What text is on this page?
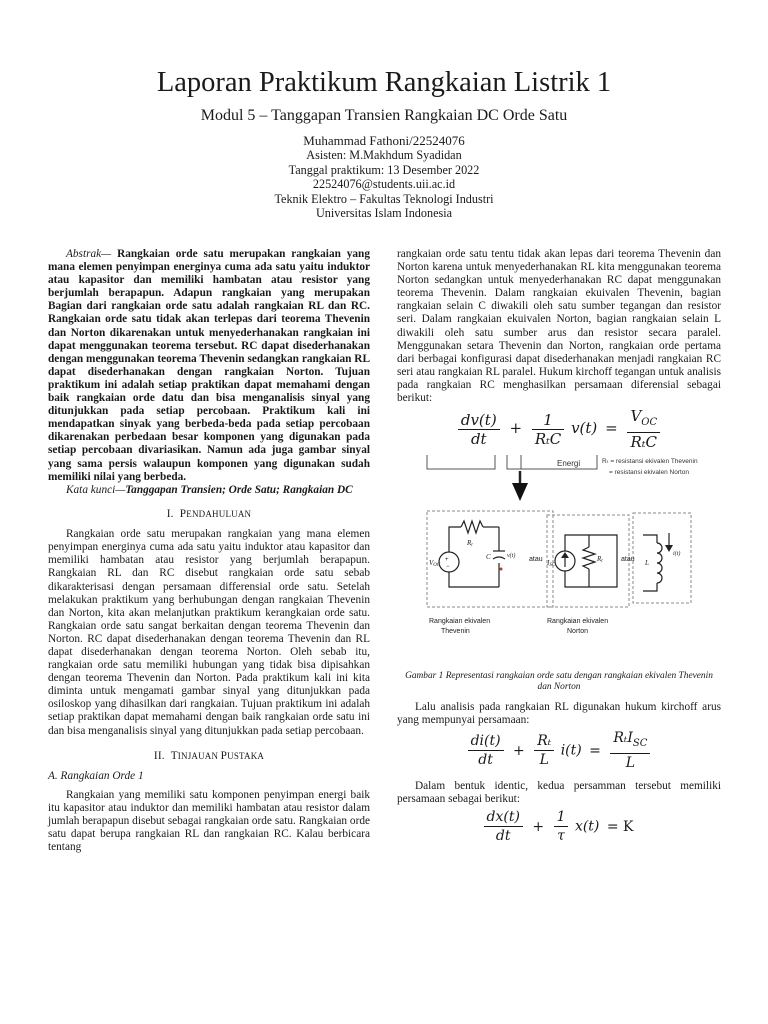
Laporan Praktikum Rangkaian Listrik 1
Modul 5 – Tanggapan Transien Rangkaian DC Orde Satu
Muhammad Fathoni/22524076
Asisten: M.Makhdum Syadidan
Tanggal praktikum: 13 Desember 2022
22524076@students.uii.ac.id
Teknik Elektro – Fakultas Teknologi Industri
Universitas Islam Indonesia

Abstrak— Rangkaian orde satu merupakan rangkaian yang mana elemen penyimpan energinya cuma ada satu yaitu induktor atau kapasitor dan memiliki hambatan atau resistor yang berjumlah berapapun. Adapun rangkaian yang merupakan Bagian dari rangkaian orde satu adalah rangkaian RL dan RC. Rangkaian orde satu tidak akan terlepas dari teorema Thevenin dan Norton dikarenakan untuk menyederhanakan rangkaian ini dapat menggunakan teorema tersebut. RC dapat disederhanakan dengan menggunakan teorema Thevenin sedangkan rangkaian RL dapat disederhanakan dengan rangkaian Norton. Tujuan praktikum ini adalah setiap praktikan dapat memahami dengan baik rangkaian orde datu dan bisa menganalisis sinyal yang ditunjukkan pada setiap percobaan. Praktikum kali ini mendapatkan sinyak yang berbeda-beda pada setiap percobaan dikarenakan perbedaan besar komponen yang digunakan pada setiap percobaan divariasikan. Namun ada juga gambar sinyal yang sama persis walaupun komponen yang digunakan sudah memiliki nilai yang berbeda.

Kata kunci—Tanggapan Transien; Orde Satu; Rangkaian DC

I. PENDAHULUAN

Rangkaian orde satu merupakan rangkaian yang mana elemen penyimpan energinya cuma ada satu yaitu induktor atau kapasitor dan memiliki hambatan atau resistor yang berjumlah berapapun. Rangkaian RL dan RC disebut rangkaian orde satu sebab dikarakterisasi dengan persamaan differensial orde satu. Setelah melakukan praktikum yang berhubungan dengan rangkaian Thevenin dan Norton, kita akan melanjutkan praktikum kerangkaian orde satu. Rangkaian orde satu sangat berkaitan dengan teorema Thevenin dan Norton. RC dapat disederhanakan dengan teorema Thevenin dan RL dapat disederhanakan dengan teorema Norton. Oleh sebab itu, rangkaian orde satu memiliki hubungan yang tidak bisa dipisahkan dengan teorema Thevenin dan Norton. Pada praktikum kali ini kita diminta untuk mengamati gambar sinyal yang ditunjukkan pada osiloskop yang dihasilkan dari rangkaian. Tujuan praktikum ini adalah setiap praktikan dapat memahami dengan baik rangkaian orde satu ini dan bisa menganalisis sinyal yang ditunjukkan pada setiap percobaan.

II. TINJAUAN PUSTAKA
A. Rangkaian Orde 1

Rangkaian yang memiliki satu komponen penyimpan energi baik itu kapasitor atau induktor dan memiliki hambatan atau resistor dalam jumlah berapapun disebut sebagai rangkaian orde satu. Rangkaian orde satu dapat berupa rangkaian RL dan rangkaian RC. Kalau berbicara tentang

rangkaian orde satu tentu tidak akan lepas dari teorema Thevenin dan Norton karena untuk menyederhanakan RL kita menggunakan teorema Norton sedangkan untuk menyederhanakan RC dapat menggunakan teorema Thevenin. Dalam rangkaian ekuivalen Thevenin, bagian rangkaian selain C diwakili oleh satu sumber tegangan dan resistor seri. Dalam rangkaian ekuivalen Norton, bagian rangkaian selain L diwakili oleh satu sumber arus dan resistor secara paralel. Menggunakan setara Thevenin dan Norton, rangkaian orde pertama dari berbagai konfigurasi dapat disederhanakan menjadi rangkaian RC seri atau rangkaian RL paralel. Hukum kirchoff tegangan untuk analisis pada rangkaian RC menghasilkan persamaan diferensial sebagai berikut:

$\frac{dv(t)}{dt} + \frac{1}{\text{RₜC}} v(t) = \frac{V_{OC}}{\text{RₜC}}$
Energi	Rₜ = resistansi ekivalen Thevenin
= resistansi ekivalen Norton
+
−
VOC
Rt
C	v(t) atau ISC
Rt	L
i(t)
atau
Rangkaian ekivalen
Thevenin
Rangkaian ekivalen
Norton
Gambar 1 Representasi rangkaian orde satu dengan rangkaian ekivalen Thevenin dan Norton

Lalu analisis pada rangkaian RL digunakan hukum kirchoff arus yang mempunyai persamaan:

$\frac{di(t)}{dt} + \frac{\text{Rₜ}}{L} i(t) = \frac{R_tI_{SC}}{L}$

Dalam bentuk identic, kedua persamman tersebut memiliki persamaan sebagai berikut:

$\frac{dx(t)}{dt} + \frac{1}{\tau} x(t) = K$
